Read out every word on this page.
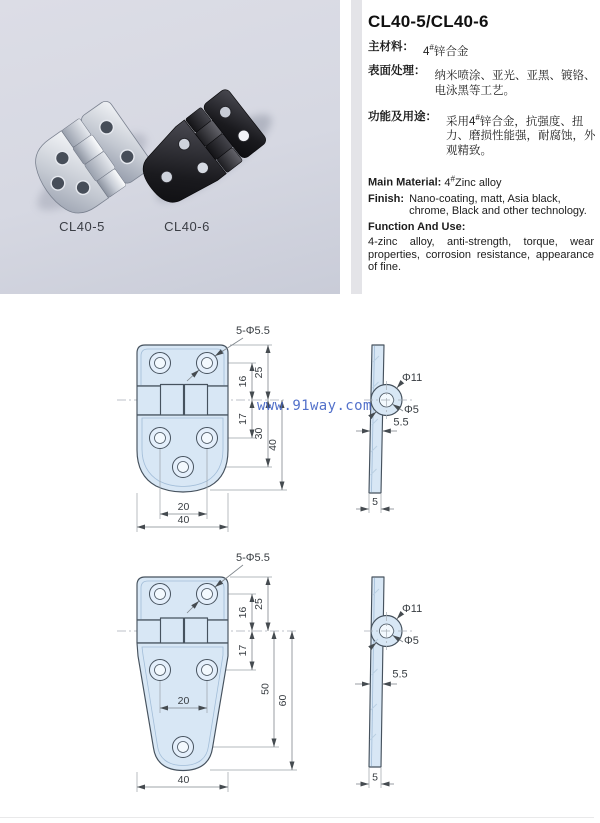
CL40-5	CL40-6
CL40-5/CL40-6
主材料： 4#锌合金
表面处理： 纳米喷涂、亚光、亚黑、镀铬、电泳黑等工艺。
功能及用途： 采用4#锌合金，抗强度、扭力、磨损性能强，耐腐蚀，外观精致。
Main Material: 4#Zinc alloy
Finish: Nano-coating, matt, Asia black, chrome, Black and other technology.
Function And Use:
4-zinc alloy, anti-strength, torque, wear properties, corrosion resistance, appearance of fine.
16
17
25
30
40
20
40
5-Φ5.5
Φ11
Φ5
5.5
5
16
17
25
50
60
20
40
5-Φ5.5
Φ11
Φ5
5.5
5
www.91way.com
